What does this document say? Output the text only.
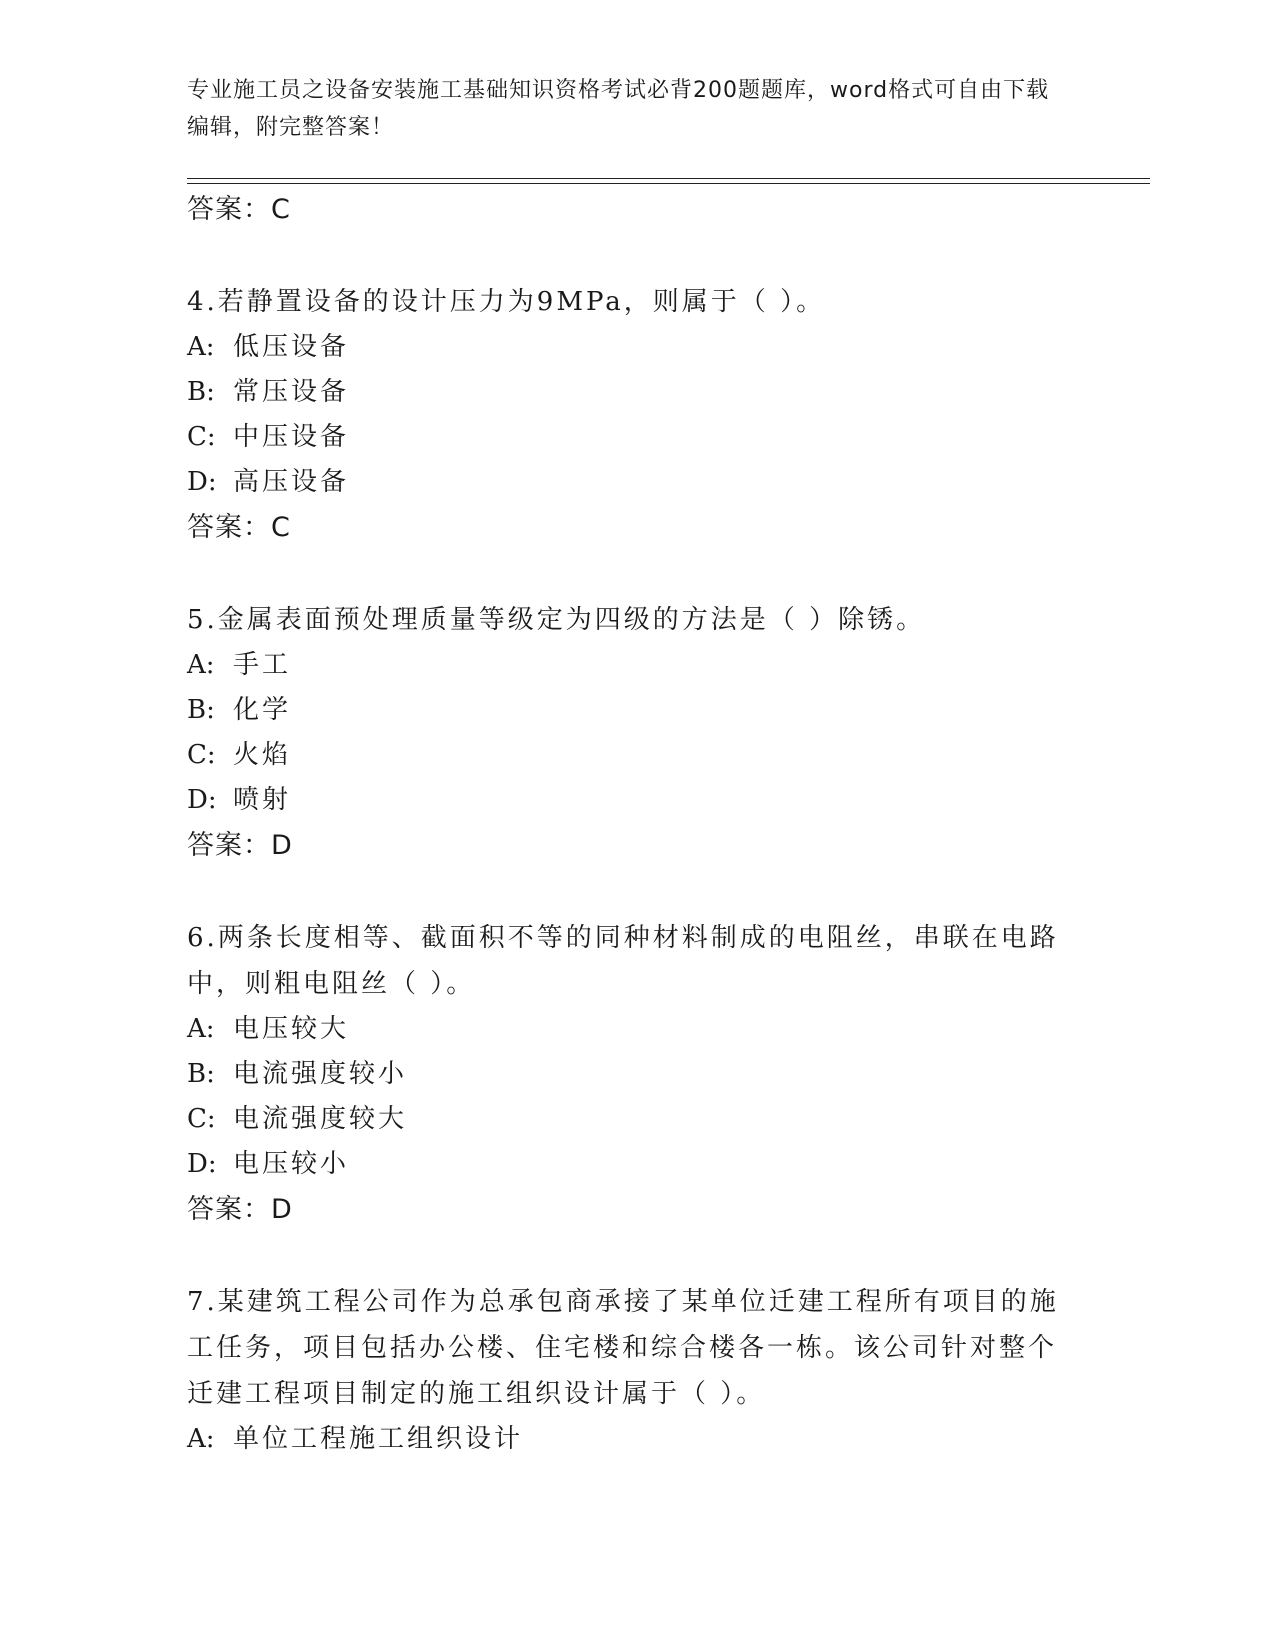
专业施工员之设备安装施工基础知识资格考试必背200题题库，word格式可自由下载编辑，附完整答案！
答案：C
4.若静置设备的设计压力为9MPa，则属于（ ）。
A: 低压设备
B: 常压设备
C: 中压设备
D: 高压设备
答案：C
5.金属表面预处理质量等级定为四级的方法是（ ）除锈。
A: 手工
B: 化学
C: 火焰
D: 喷射
答案：D
6.两条长度相等、截面积不等的同种材料制成的电阻丝，串联在电路中，则粗电阻丝（ ）。
A: 电压较大
B: 电流强度较小
C: 电流强度较大
D: 电压较小
答案：D
7.某建筑工程公司作为总承包商承接了某单位迁建工程所有项目的施工任务，项目包括办公楼、住宅楼和综合楼各一栋。该公司针对整个迁建工程项目制定的施工组织设计属于（ ）。
A: 单位工程施工组织设计
